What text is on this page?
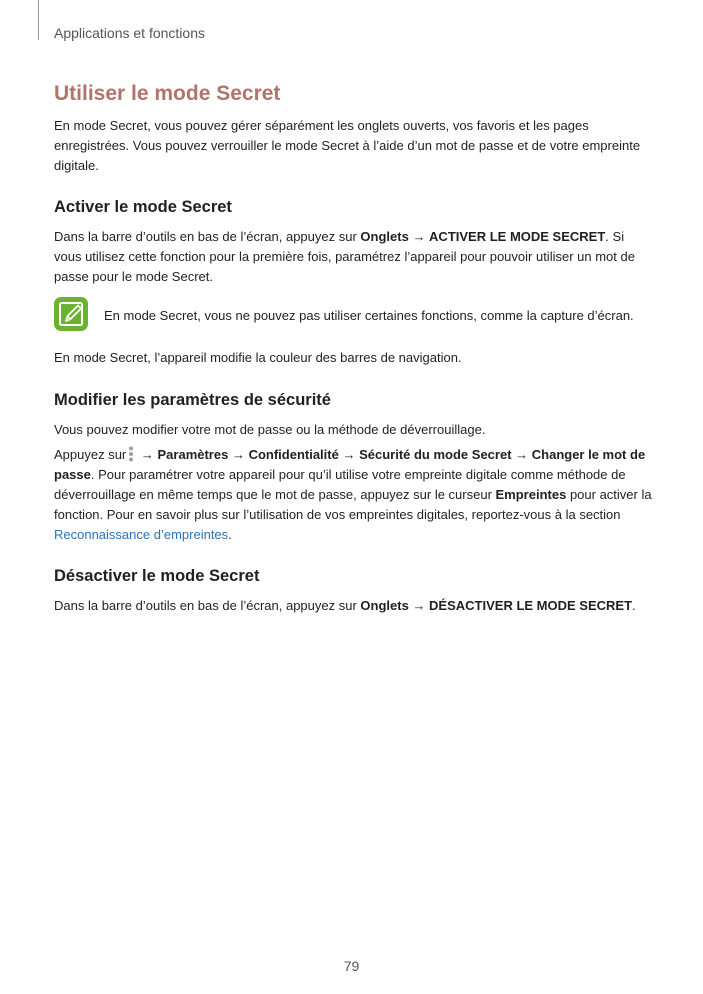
Applications et fonctions
Utiliser le mode Secret
En mode Secret, vous pouvez gérer séparément les onglets ouverts, vos favoris et les pages enregistrées. Vous pouvez verrouiller le mode Secret à l’aide d’un mot de passe et de votre empreinte digitale.
Activer le mode Secret
Dans la barre d’outils en bas de l’écran, appuyez sur Onglets → ACTIVER LE MODE SECRET. Si vous utilisez cette fonction pour la première fois, paramétrez l’appareil pour pouvoir utiliser un mot de passe pour le mode Secret.
En mode Secret, vous ne pouvez pas utiliser certaines fonctions, comme la capture d’écran.
En mode Secret, l’appareil modifie la couleur des barres de navigation.
Modifier les paramètres de sécurité
Vous pouvez modifier votre mot de passe ou la méthode de déverrouillage.
Appuyez sur → Paramètres → Confidentialité → Sécurité du mode Secret → Changer le mot de passe. Pour paramétrer votre appareil pour qu’il utilise votre empreinte digitale comme méthode de déverrouillage en même temps que le mot de passe, appuyez sur le curseur Empreintes pour activer la fonction. Pour en savoir plus sur l’utilisation de vos empreintes digitales, reportez-vous à la section Reconnaissance d’empreintes.
Désactiver le mode Secret
Dans la barre d’outils en bas de l’écran, appuyez sur Onglets → DÉSACTIVER LE MODE SECRET.
79
